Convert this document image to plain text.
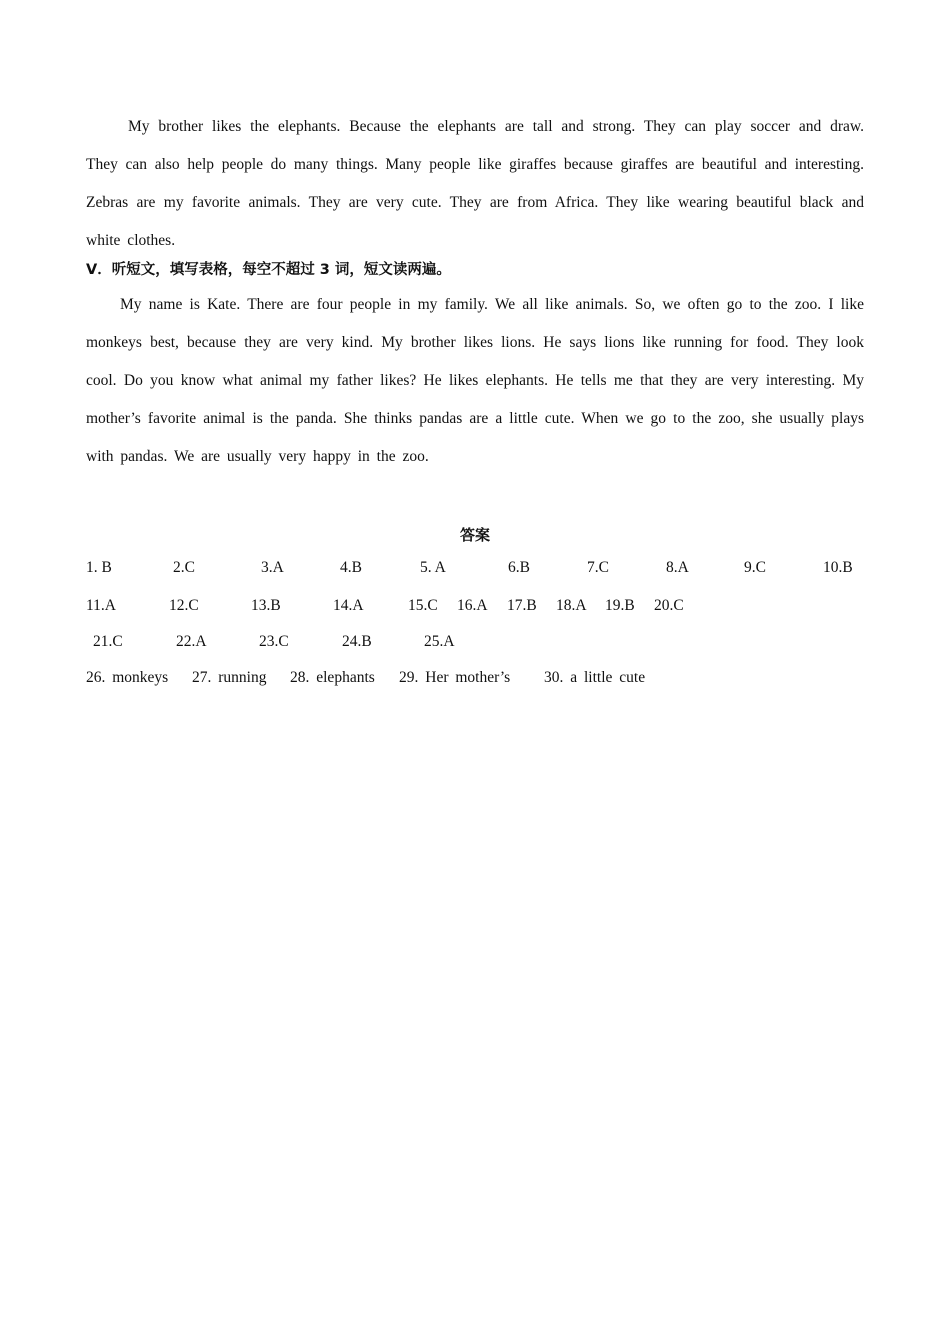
My brother likes the elephants. Because the elephants are tall and strong. They can play soccer and draw. They can also help people do many things. Many people like giraffes because giraffes are beautiful and interesting. Zebras are my favorite animals. They are very cute. They are from Africa. They like wearing beautiful black and white clothes.

V．听短文，填写表格，每空不超过 3 词，短文读两遍。

My name is Kate. There are four people in my family. We all like animals. So, we often go to the zoo. I like monkeys best, because they are very kind. My brother likes lions. He says lions like running for food. They look cool. Do you know what animal my father likes? He likes elephants. He tells me that they are very interesting. My mother’s favorite animal is the panda. She thinks pandas are a little cute. When we go to the zoo, she usually plays with pandas. We are usually very happy in the zoo.

答案
1. B	2.C	3.A	4.B	5. A	6.B	7.C	8.A	9.C	10.B
11.A	12.C	13.B	14.A	15.C 16.A 17.B 18.A 19.B 20.C
21.C	22.A	23.C	24.B	25.A
26. monkeys 27. running 28. elephants 29. Her mother’s 30. a little cute
